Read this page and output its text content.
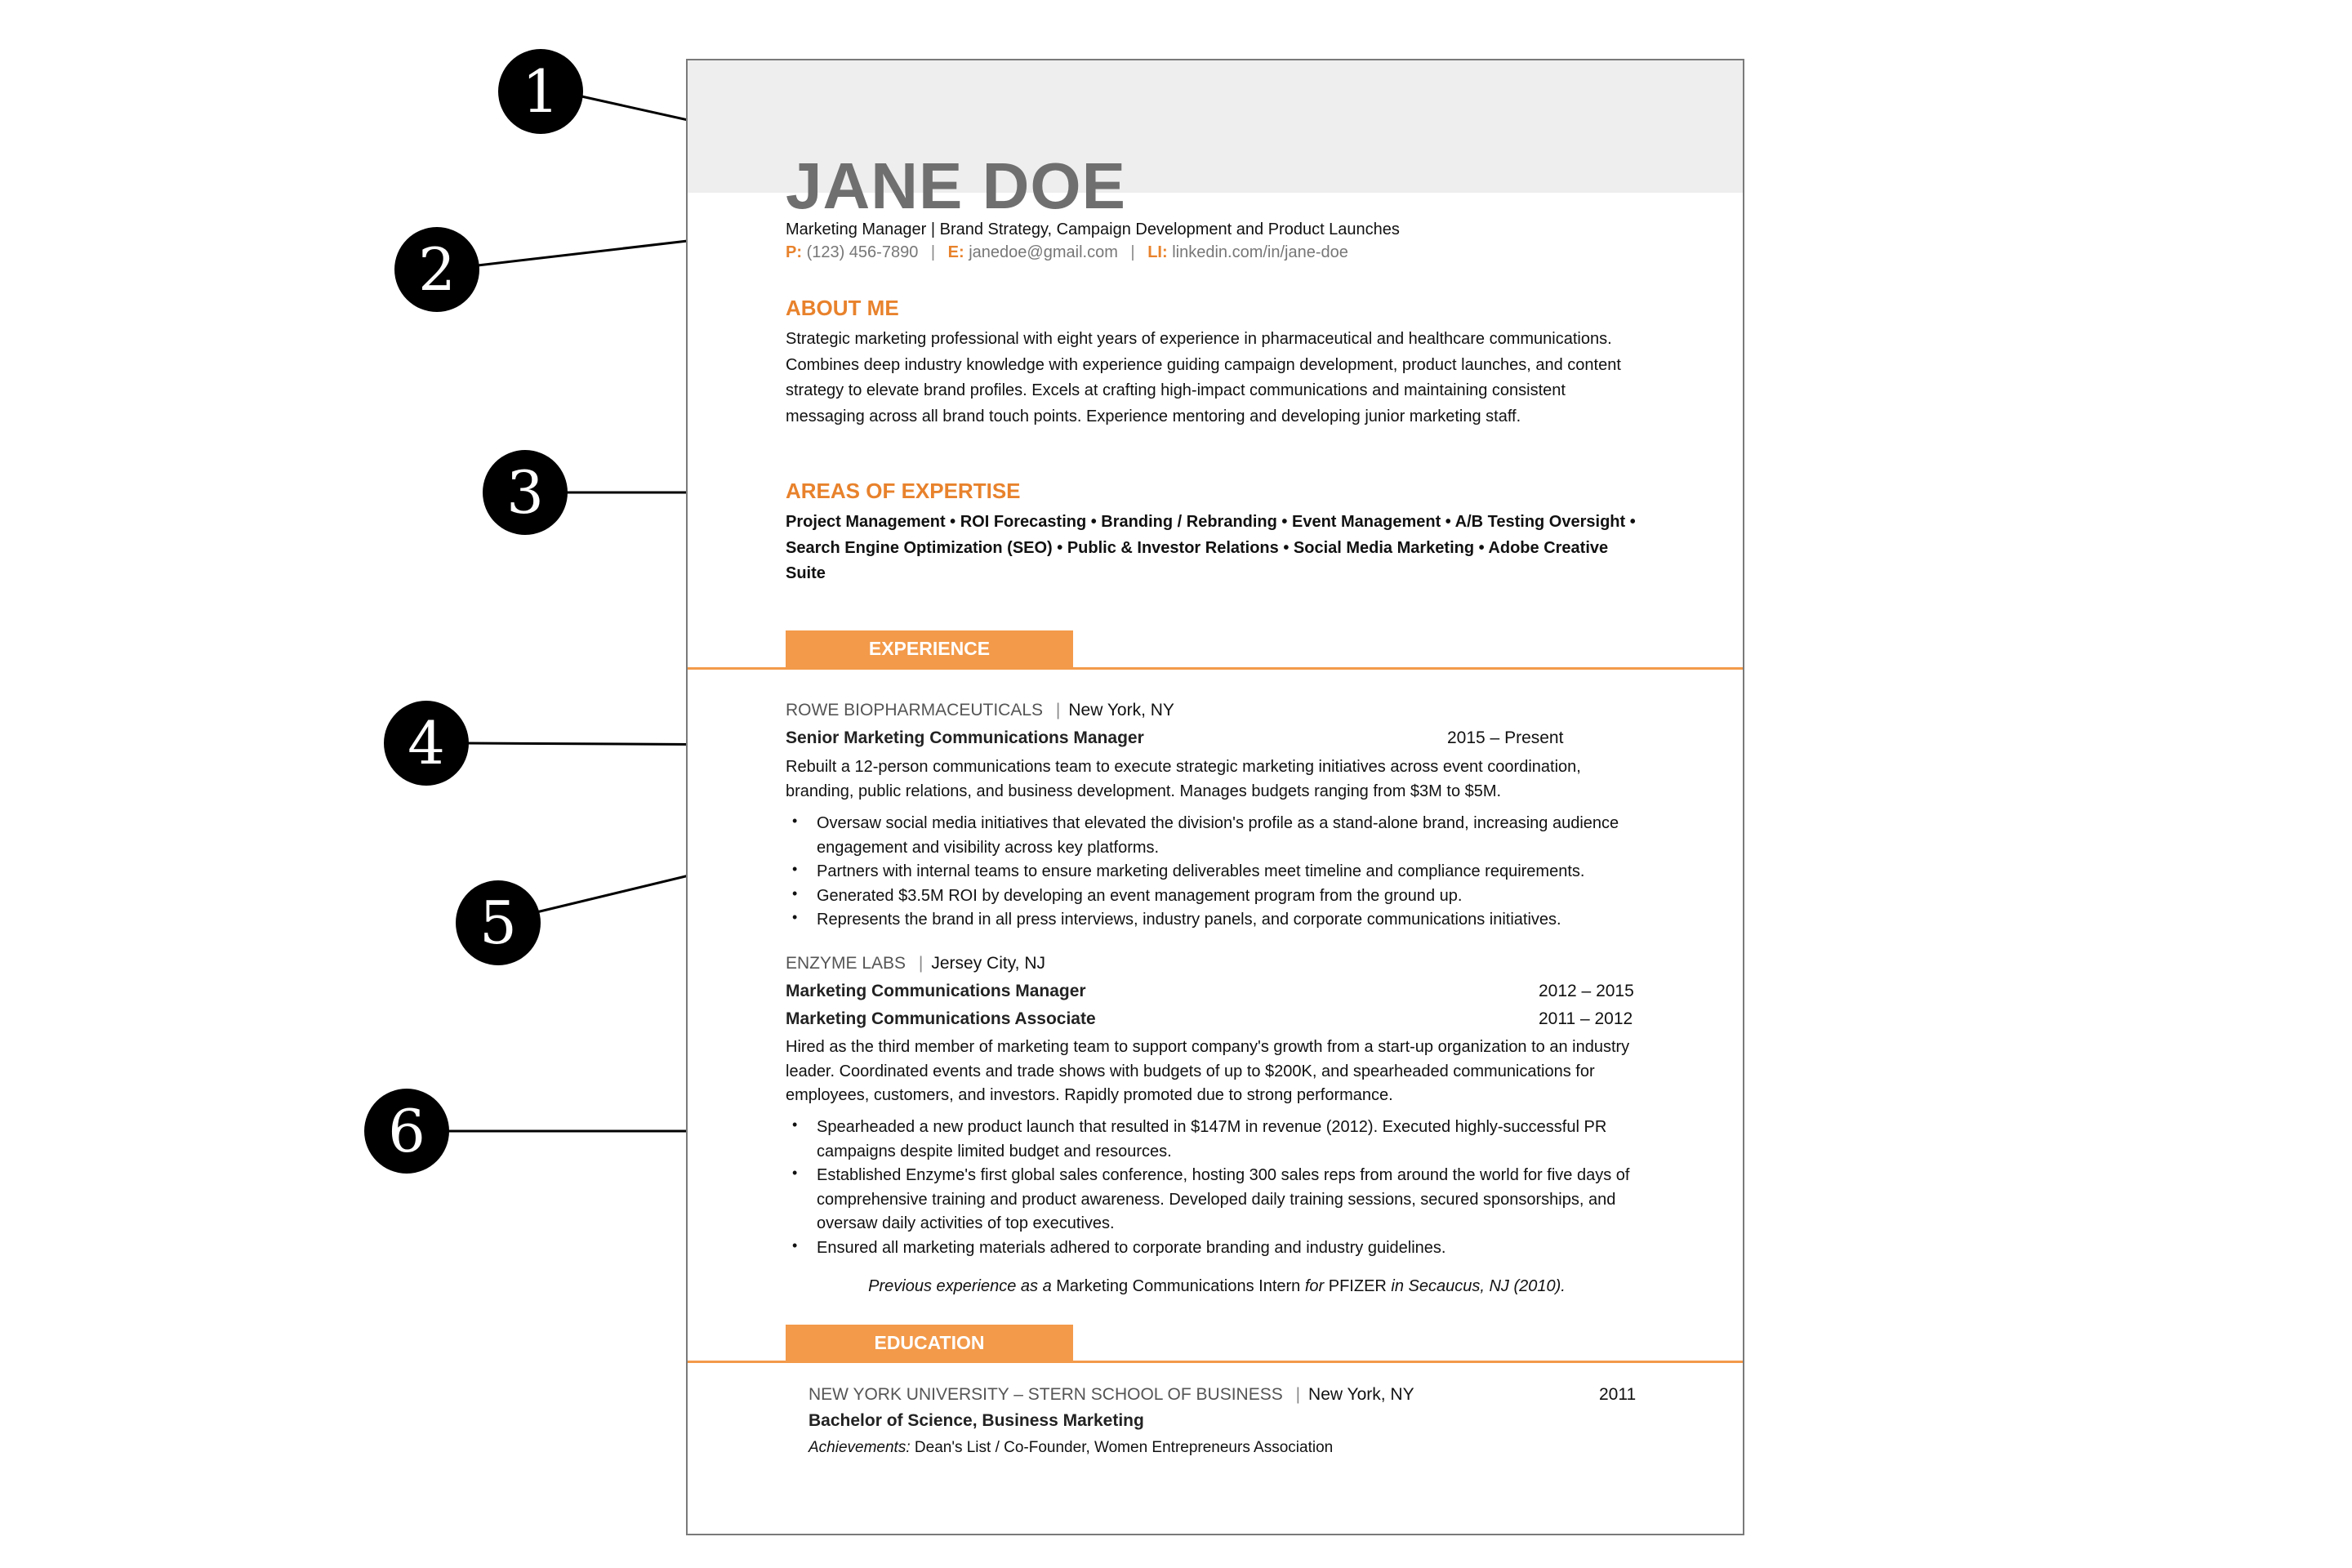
1
2
3
4
5
6
JANE DOE
Marketing Manager | Brand Strategy, Campaign Development and Product Launches
P: (123) 456-7890 | E: janedoe@gmail.com | LI: linkedin.com/in/jane-doe
ABOUT ME
Strategic marketing professional with eight years of experience in pharmaceutical and healthcare communications. Combines deep industry knowledge with experience guiding campaign development, product launches, and content strategy to elevate brand profiles. Excels at crafting high-impact communications and maintaining consistent messaging across all brand touch points. Experience mentoring and developing junior marketing staff.
AREAS OF EXPERTISE
Project Management • ROI Forecasting • Branding / Rebranding • Event Management • A/B Testing Oversight • Search Engine Optimization (SEO) • Public & Investor Relations • Social Media Marketing • Adobe Creative Suite
EXPERIENCE
ROWE BIOPHARMACEUTICALS | New York, NY
Senior Marketing Communications Manager	2015 – Present
Rebuilt a 12-person communications team to execute strategic marketing initiatives across event coordination, branding, public relations, and business development. Manages budgets ranging from $3M to $5M.
• Oversaw social media initiatives that elevated the division's profile as a stand-alone brand, increasing audience engagement and visibility across key platforms.
• Partners with internal teams to ensure marketing deliverables meet timeline and compliance requirements.
• Generated $3.5M ROI by developing an event management program from the ground up.
• Represents the brand in all press interviews, industry panels, and corporate communications initiatives.
ENZYME LABS | Jersey City, NJ
Marketing Communications Manager	2012 – 2015
Marketing Communications Associate	2011 – 2012
Hired as the third member of marketing team to support company's growth from a start-up organization to an industry leader. Coordinated events and trade shows with budgets of up to $200K, and spearheaded communications for employees, customers, and investors. Rapidly promoted due to strong performance.
• Spearheaded a new product launch that resulted in $147M in revenue (2012). Executed highly-successful PR campaigns despite limited budget and resources.
• Established Enzyme's first global sales conference, hosting 300 sales reps from around the world for five days of comprehensive training and product awareness. Developed daily training sessions, secured sponsorships, and oversaw daily activities of top executives.
• Ensured all marketing materials adhered to corporate branding and industry guidelines.
Previous experience as a Marketing Communications Intern for PFIZER in Secaucus, NJ (2010).
EDUCATION
NEW YORK UNIVERSITY – STERN SCHOOL OF BUSINESS | New York, NY	2011
Bachelor of Science, Business Marketing
Achievements: Dean's List / Co-Founder, Women Entrepreneurs Association
